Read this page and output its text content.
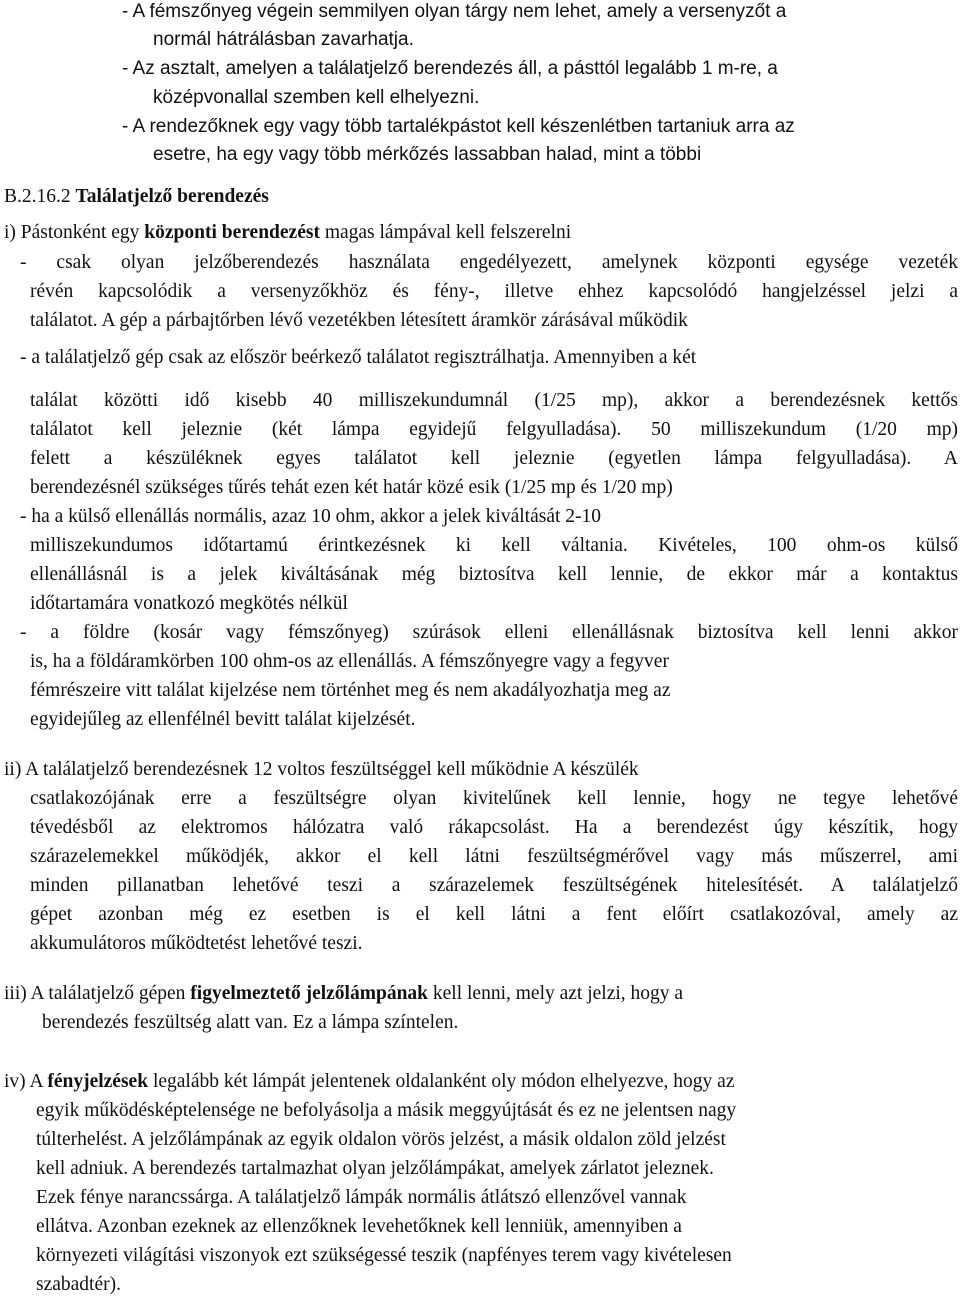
- A fémszőnyeg végein semmilyen olyan tárgy nem lehet, amely a versenyzőt a
normál hátrálásban zavarhatja.
- Az asztalt, amelyen a találatjelző berendezés áll, a pásttól legalább 1 m-re, a
középvonallal szemben kell elhelyezni.
- A rendezőknek egy vagy több tartalékpástot kell készenlétben tartaniuk arra az
esetre, ha egy vagy több mérkőzés lassabban halad, mint a többi
B.2.16.2 Találatjelző berendezés
i) Pástonként egy központi berendezést magas lámpával kell felszerelni
- csak olyan jelzőberendezés használata engedélyezett, amelynek központi egysége vezeték
révén kapcsolódik a versenyzőkhöz és fény-, illetve ehhez kapcsolódó hangjelzéssel jelzi a
találatot. A gép a párbajtőrben lévő vezetékben létesített áramkör zárásával működik
- a találatjelző gép csak az először beérkező találatot regisztrálhatja. Amennyiben a két
találat közötti idő kisebb 40 milliszekundumnál (1/25 mp), akkor a berendezésnek kettős
találatot kell jeleznie (két lámpa egyidejű felgyulladása). 50 milliszekundum (1/20 mp)
felett a készüléknek egyes találatot kell jeleznie (egyetlen lámpa felgyulladása). A
berendezésnél szükséges tűrés tehát ezen két határ közé esik (1/25 mp és 1/20 mp)
- ha a külső ellenállás normális, azaz 10 ohm, akkor a jelek kiváltását 2-10
milliszekundumos időtartamú érintkezésnek ki kell váltania. Kivételes, 100 ohm-os külső
ellenállásnál is a jelek kiváltásának még biztosítva kell lennie, de ekkor már a kontaktus
időtartamára vonatkozó megkötés nélkül
- a földre (kosár vagy fémszőnyeg) szúrások elleni ellenállásnak biztosítva kell lenni akkor
is, ha a földáramkörben 100 ohm-os az ellenállás. A fémszőnyegre vagy a fegyver
fémrészeire vitt találat kijelzése nem történhet meg és nem akadályozhatja meg az
egyidejűleg az ellenfélnél bevitt találat kijelzését.
ii) A találatjelző berendezésnek 12 voltos feszültséggel kell működnie A készülék
csatlakozójának erre a feszültségre olyan kivitelűnek kell lennie, hogy ne tegye lehetővé
tévedésből az elektromos hálózatra való rákapcsolást. Ha a berendezést úgy készítik, hogy
szárazelemekkel működjék, akkor el kell látni feszültségmérővel vagy más műszerrel, ami
minden pillanatban lehetővé teszi a szárazelemek feszültségének hitelesítését. A találatjelző
gépet azonban még ez esetben is el kell látni a fent előírt csatlakozóval, amely az
akkumulátoros működtetést lehetővé teszi.
iii) A találatjelző gépen figyelmeztető jelzőlámpának kell lenni, mely azt jelzi, hogy a
berendezés feszültség alatt van. Ez a lámpa színtelen.
iv) A fényjelzések legalább két lámpát jelentenek oldalanként oly módon elhelyezve, hogy az
egyik működésképtelensége ne befolyásolja a másik meggyújtását és ez ne jelentsen nagy
túlterhelést. A jelzőlámpának az egyik oldalon vörös jelzést, a másik oldalon zöld jelzést
kell adniuk. A berendezés tartalmazhat olyan jelzőlámpákat, amelyek zárlatot jeleznek.
Ezek fénye narancssárga. A találatjelző lámpák normális átlátszó ellenzővel vannak
ellátva. Azonban ezeknek az ellenzőknek levehetőknek kell lenniük, amennyiben a
környezeti világítási viszonyok ezt szükségessé teszik (napfényes terem vagy kivételesen
szabadtér).
